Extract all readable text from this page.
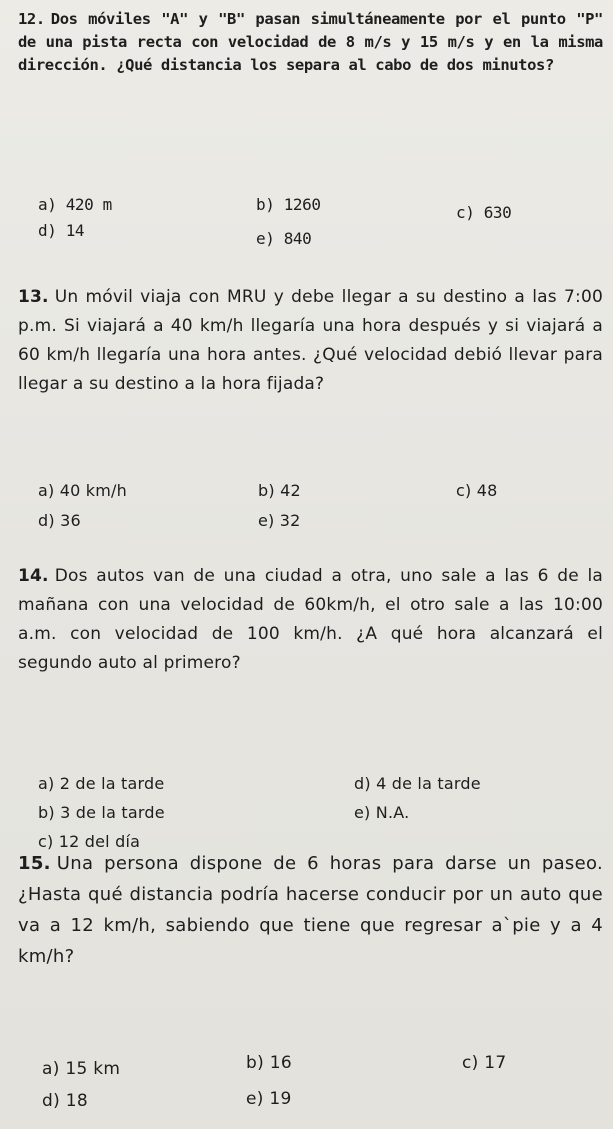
12. Dos móviles "A" y "B" pasan simultáneamente por el punto "P" de una pista recta con velocidad de 8 m/s y 15 m/s y en la misma dirección. ¿Qué distancia los separa al cabo de dos minutos?

a) 420 m	b) 1260	c) 630
d) 14	e) 840

13. Un móvil viaja con MRU y debe llegar a su destino a las 7:00 p.m. Si viajará a 40 km/h llegaría una hora después y si viajará a 60 km/h llegaría una hora antes. ¿Qué velocidad debió llevar para llegar a su destino a la hora fijada?

a) 40 km/h	b) 42	c) 48
d) 36	e) 32

14. Dos autos van de una ciudad a otra, uno sale a las 6 de la mañana con una velocidad de 60km/h, el otro sale a las 10:00 a.m. con velocidad de 100 km/h. ¿A qué hora alcanzará el segundo auto al primero?

a) 2 de la tarde
b) 3 de la tarde
c) 12 del día
d) 4 de la tarde
e) N.A.

15. Una persona dispone de 6 horas para darse un paseo. ¿Hasta qué distancia podría hacerse conducir por un auto que va a 12 km/h, sabiendo que tiene que regresar a`pie y a 4 km/h?

a) 15 km	b) 16	c) 17
d) 18	e) 19
